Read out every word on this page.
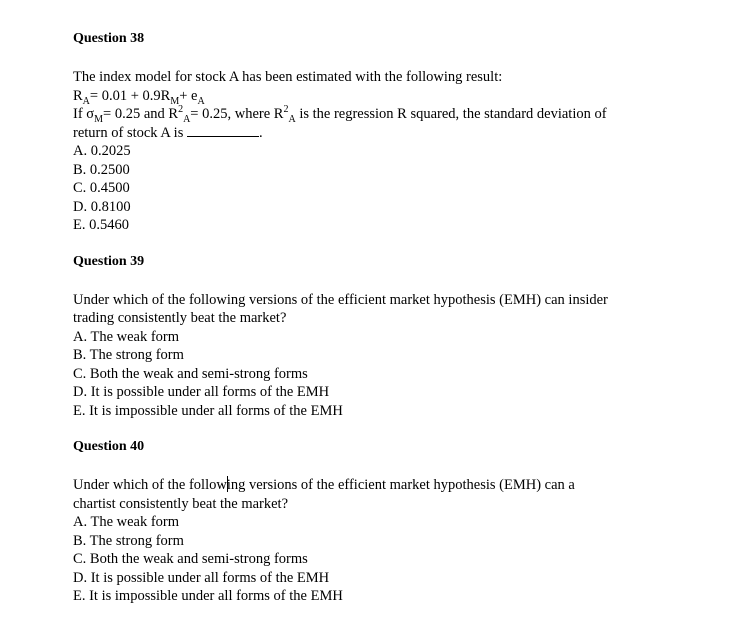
Question 38

The index model for stock A has been estimated with the following result:

$R_A= 0.01 + 0.9R_M+ e_A$

If $\sigma_M= 0.25$ and $R^2_A= 0.25$, where $R^2_A$ is the regression R squared, the standard deviation of

return of stock A is	.

A. 0.2025

B. 0.2500

C. 0.4500

D. 0.8100

E. 0.5460

Question 39

Under which of the following versions of the efficient market hypothesis (EMH) can insider

trading consistently beat the market?

A. The weak form

B. The strong form

C. Both the weak and semi-strong forms

D. It is possible under all forms of the EMH

E. It is impossible under all forms of the EMH

Question 40

Under which of the following versions of the efficient market hypothesis (EMH) can a

chartist consistently beat the market?

A. The weak form

B. The strong form

C. Both the weak and semi-strong forms

D. It is possible under all forms of the EMH

E. It is impossible under all forms of the EMH
